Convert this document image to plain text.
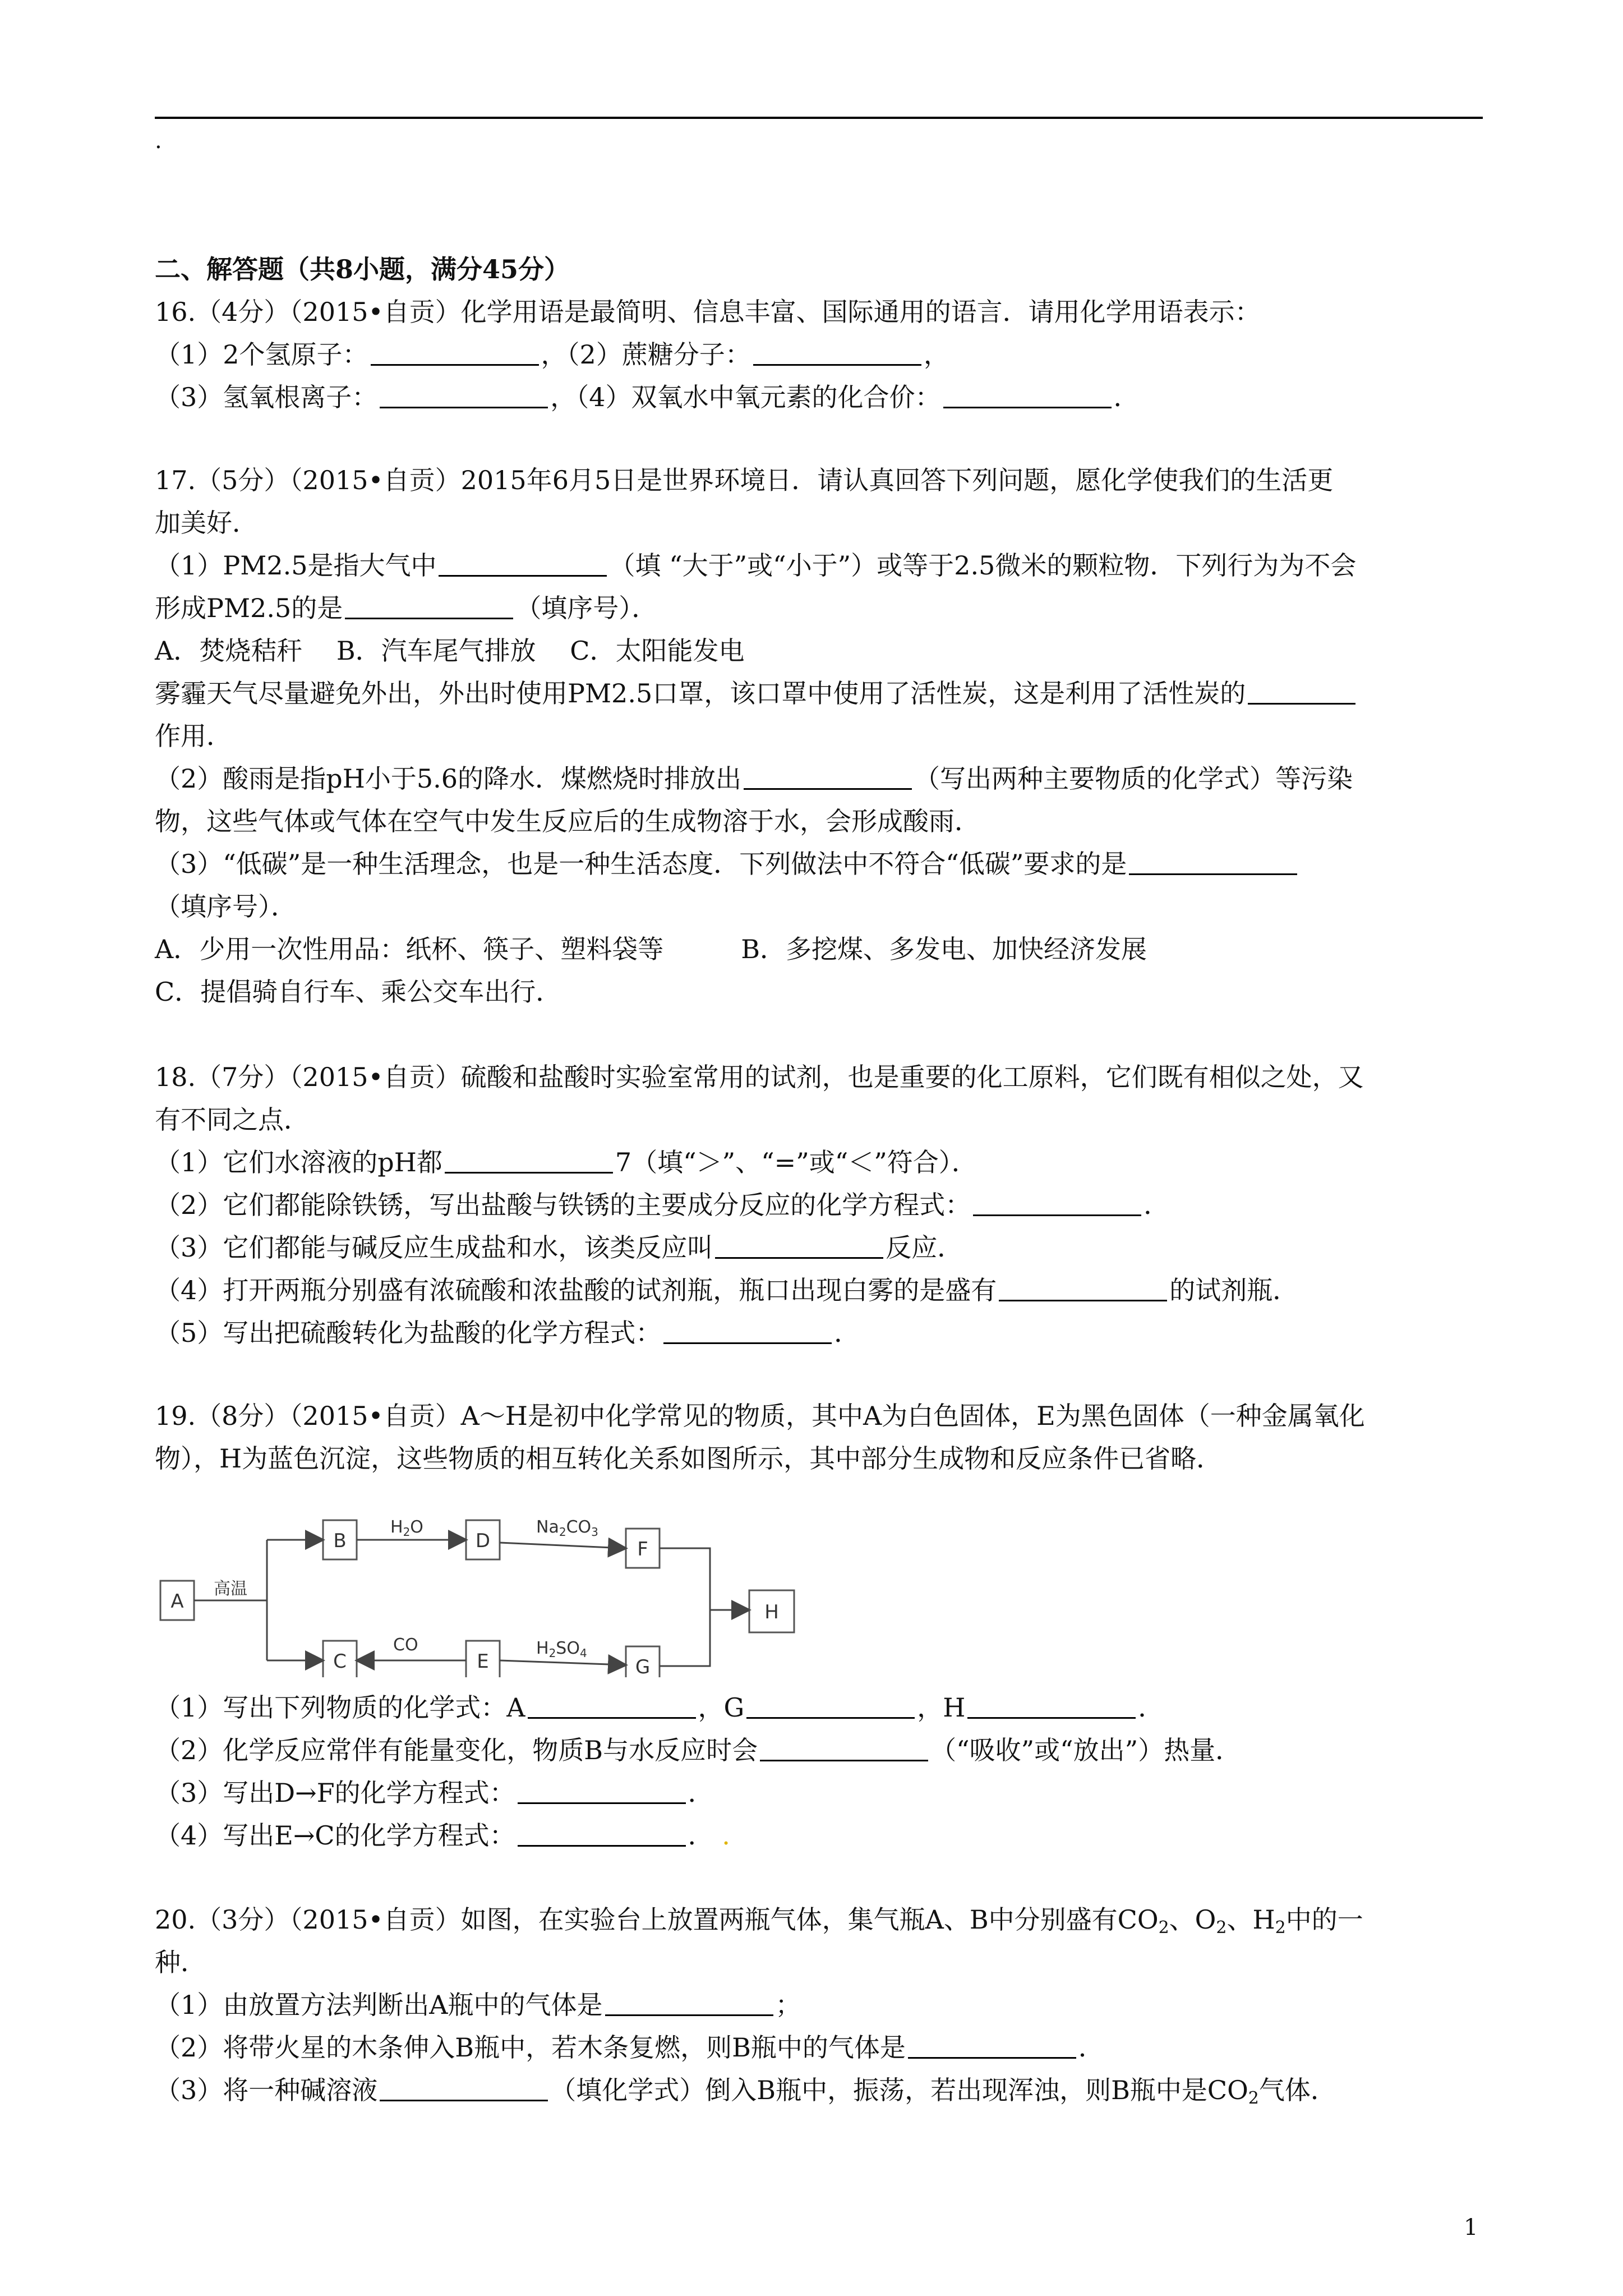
.
二、解答题（共8小题，满分45分）
16.（4分）（2015•自贡）化学用语是最简明、信息丰富、国际通用的语言．请用化学用语表示：
（1）2个氢原子：	，（2）蔗糖分子：	，
（3）氢氧根离子：	，（4）双氧水中氧元素的化合价：	．
17.（5分）（2015•自贡）2015年6月5日是世界环境日．请认真回答下列问题，愿化学使我们的生活更
加美好．
（1）PM2.5是指大气中	（填 “大于”或“小于”）或等于2.5微米的颗粒物．下列行为为不会
形成PM2.5的是	（填序号）．
A．焚烧秸秆　 B．汽车尾气排放　 C．太阳能发电
雾霾天气尽量避免外出，外出时使用PM2.5口罩，该口罩中使用了活性炭，这是利用了活性炭的
作用．
（2）酸雨是指pH小于5.6的降水．煤燃烧时排放出	（写出两种主要物质的化学式）等污染
物，这些气体或气体在空气中发生反应后的生成物溶于水，会形成酸雨．
（3）“低碳”是一种生活理念，也是一种生活态度．下列做法中不符合“低碳”要求的是
（填序号）．
A．少用一次性用品：纸杯、筷子、塑料袋等　　　B．多挖煤、多发电、加快经济发展
C．提倡骑自行车、乘公交车出行．
18.（7分）（2015•自贡）硫酸和盐酸时实验室常用的试剂，也是重要的化工原料，它们既有相似之处，又
有不同之点．
（1）它们水溶液的pH都	7（填“＞”、“=”或“＜”符合）．
（2）它们都能除铁锈，写出盐酸与铁锈的主要成分反应的化学方程式：	．
（3）它们都能与碱反应生成盐和水，该类反应叫	反应．
（4）打开两瓶分别盛有浓硫酸和浓盐酸的试剂瓶，瓶口出现白雾的是盛有	的试剂瓶．
（5）写出把硫酸转化为盐酸的化学方程式：	．
19.（8分）（2015•自贡）A～H是初中化学常见的物质，其中A为白色固体，E为黑色固体（一种金属氧化
物），H为蓝色沉淀，这些物质的相互转化关系如图所示，其中部分生成物和反应条件已省略．
A
B	D	F
C	E	G
H
高温
$H_2O$	$Na_2CO_3$
CO	$H_2SO_4$
（1）写出下列物质的化学式：A	，G	，H	．
（2）化学反应常伴有能量变化，物质B与水反应时会	（“吸收”或“放出”）热量．
（3）写出D→F的化学方程式：	．
（4）写出E→C的化学方程式：	． .
20.（3分）（2015•自贡）如图，在实验台上放置两瓶气体，集气瓶A、B中分别盛有$CO_2$、$O_2$、$H_2$中的一
种．
（1）由放置方法判断出A瓶中的气体是	；
（2）将带火星的木条伸入B瓶中，若木条复燃，则B瓶中的气体是	．
（3）将一种碱溶液	（填化学式）倒入B瓶中，振荡，若出现浑浊，则B瓶中是$CO_2$气体．
1
